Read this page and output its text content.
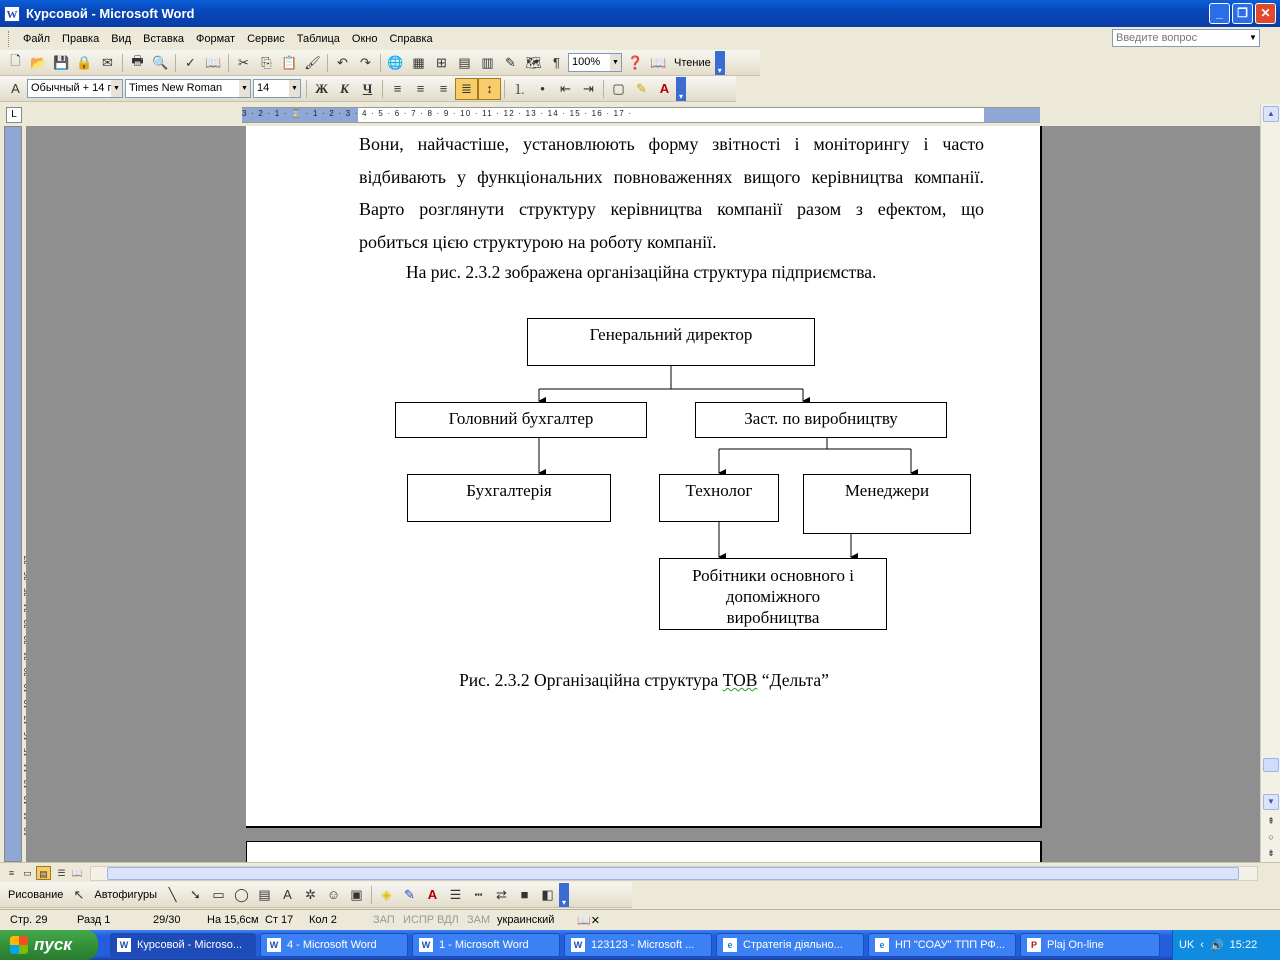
W Курсовой - Microsoft Word	_	❐	✕
Файл	Правка	Вид	Вставка	Формат	Сервис	Таблица	Окно	Справка	Введите вопрос	▼
🗋 📂 💾 🔒 ✉	🖶 🔍	✓ 📖	✂ ⎘ 📋 🖌	↶ ↷	🌐 ▦ ⊞ ▤ ▥ ✎ 🗺 ¶	100% ▼ ❓ 📖 Чтение
▾
A	Обычный + 14 г ▼ Times New Roman	▼ 14	▼	Ж К	Ч	≡	≡	≡	≣	↕	⒈	•	⇤ ⇥	▢ ✎ A	▾
L	3 · 2 · 1 · ⌛ · 1 · 2 · 3 · 4 · 5 · 6 · 7 · 8 · 9 · 10 · 11 · 12 · 13 · 14 · 15 · 16 · 17 ·
Вони, найчастіше, установлюють форму звітності і моніторингу і часто
відбивають у функціональних повноваженнях вищого керівництва компанії.
Варто розглянути структуру керівництва компанії разом з ефектом, що
робиться цією структурою на роботу компанії.
На рис. 2.3.2 зображена організаційна структура підприємства.
Генеральний директор
Головний бухгалтер	Заст. по виробництву
Бухгалтерія	Технолог	Менеджери
Робітники основного і
допоміжного
виробництва
Рис. 2.3.2 Організаційна структура ТОВ “Дельта”
▲
▼
⇞
○
⇟
≡	▭ ▤	☰ 📖
Рисование ↖ Автофигуры ╲	➘ ▭ ◯ ▤ A	✲ ☺ ▣	◈ ✎ A ☰	┅	⇄	■ ◧
▾
Стр. 29	Разд 1	29/30	На 15,6см Ст 17	Кол 2	ЗАП ИСПР ВДЛ ЗАМ украинский	📖✕
пуск	W Курсовой - Microso...	W 4 - Microsoft Word	W 1 - Microsoft Word	W 123123 - Microsoft ...	e Стратегія діяльно...	e НП "СОАУ" ТПП РФ...	P Plaj On-line	UK ‹ 🔊 15:22
